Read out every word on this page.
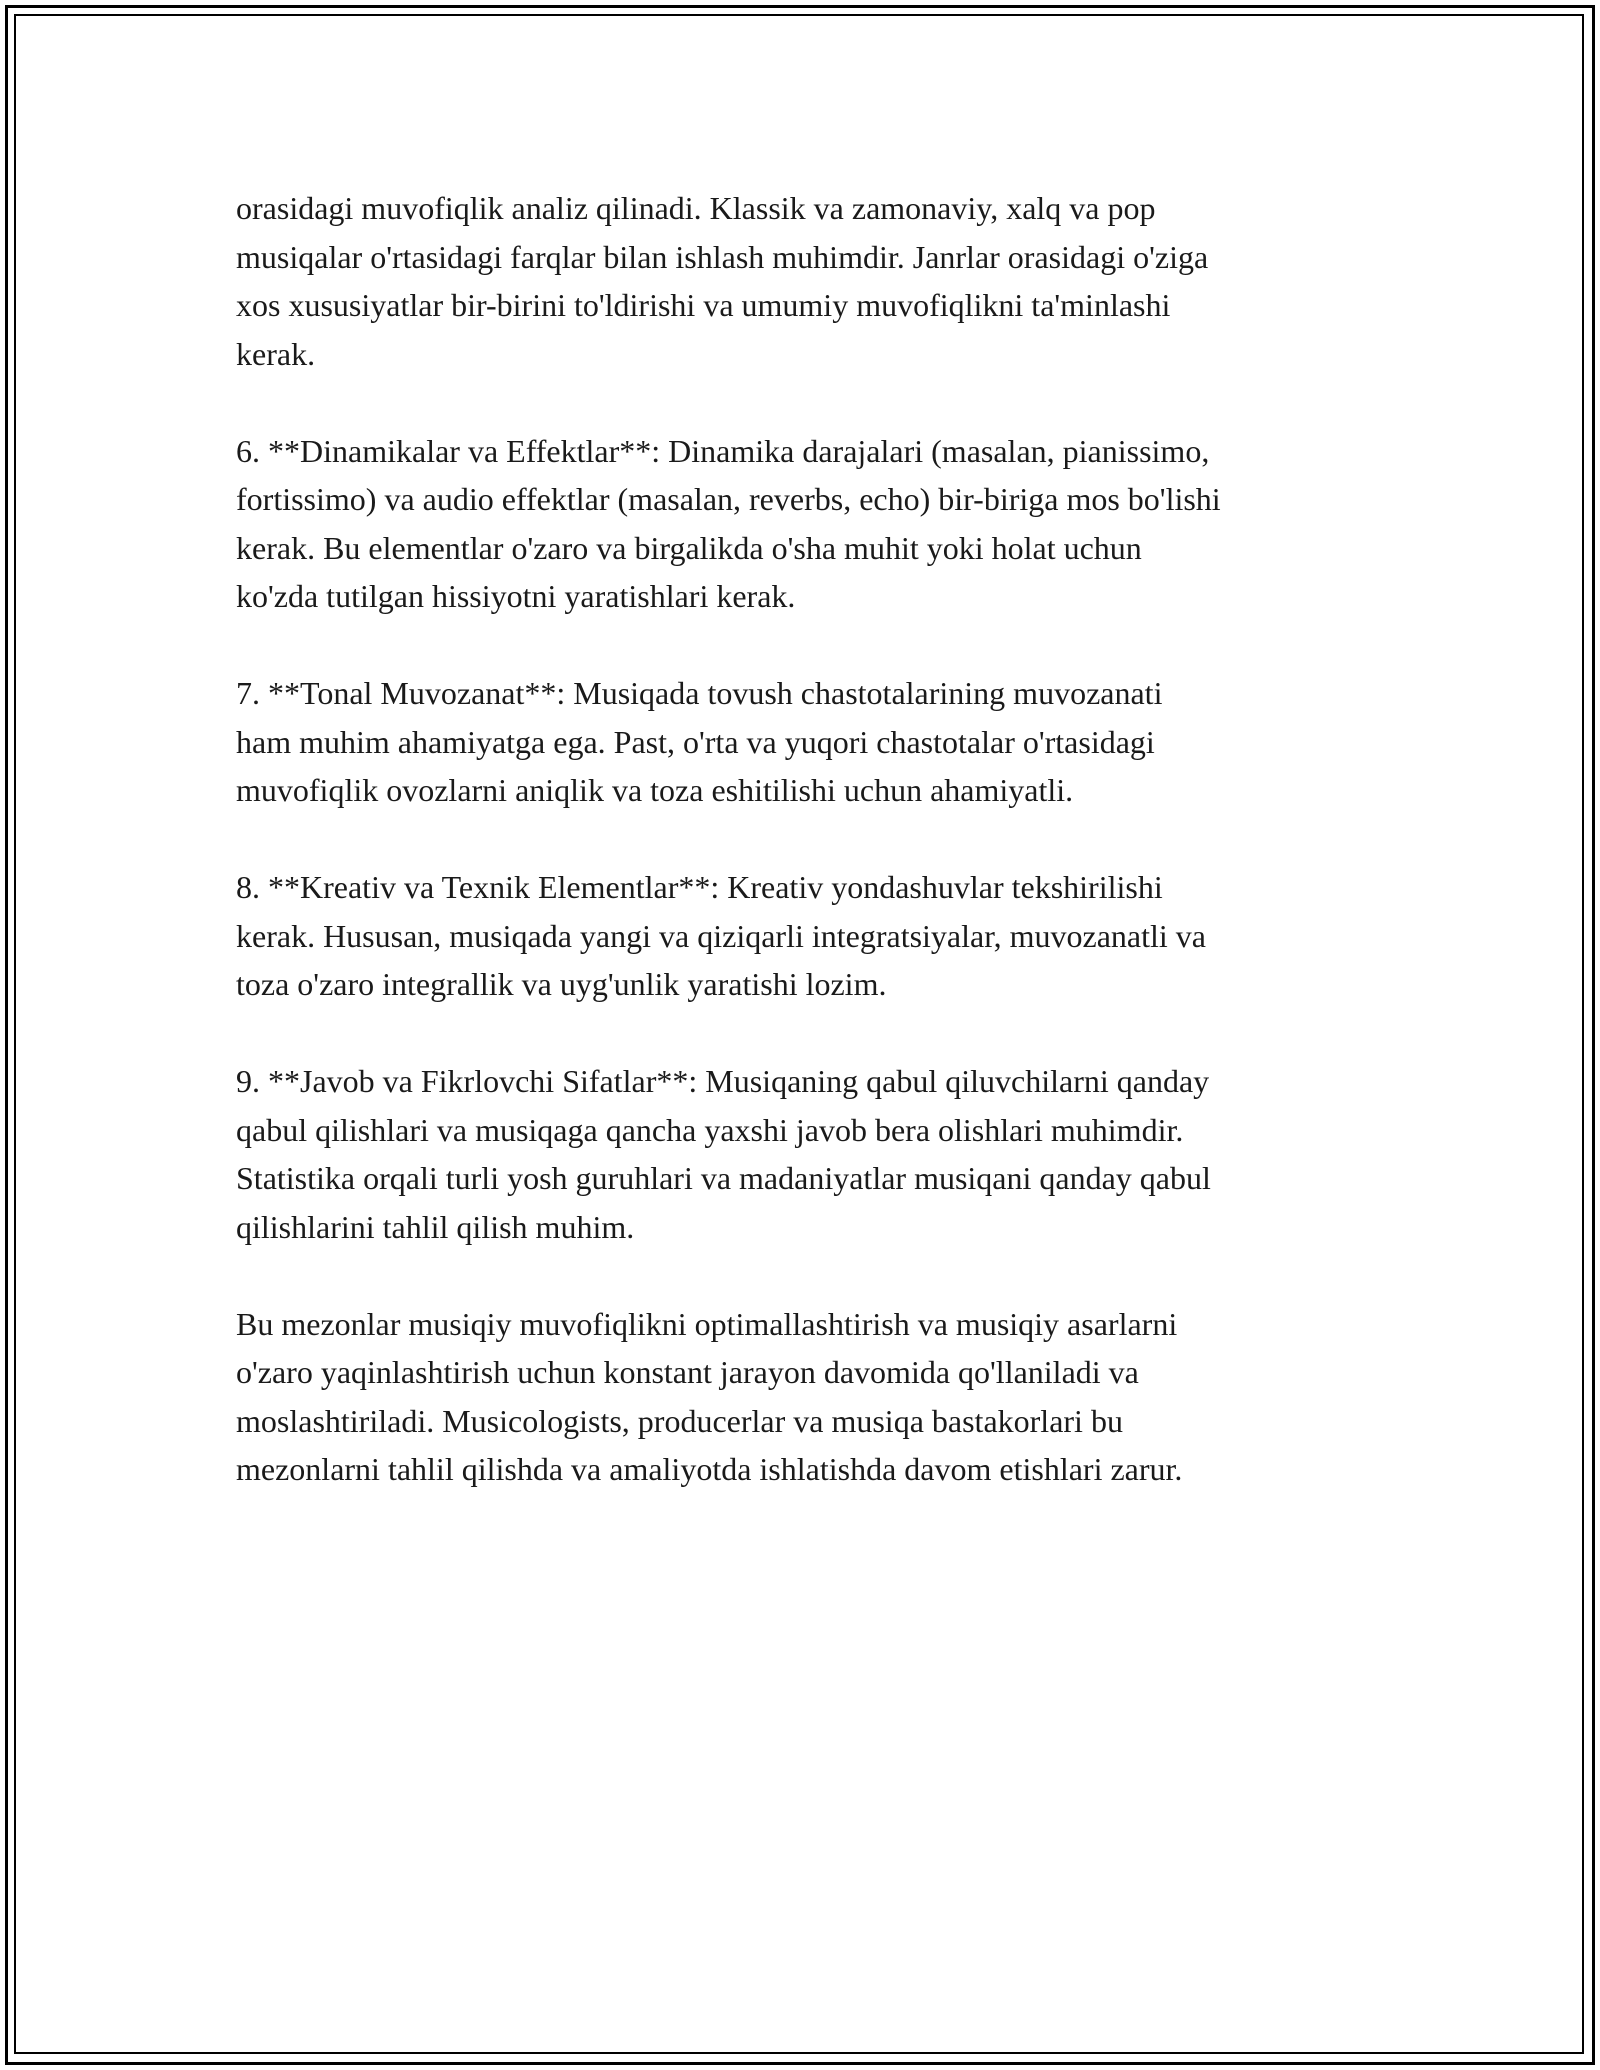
orasidagi muvofiqlik analiz qilinadi. Klassik va zamonaviy, xalq va pop
musiqalar o'rtasidagi farqlar bilan ishlash muhimdir. Janrlar orasidagi o'ziga
xos xususiyatlar bir-birini to'ldirishi va umumiy muvofiqlikni ta'minlashi
kerak.

6. **Dinamikalar va Effektlar**: Dinamika darajalari (masalan, pianissimo,
fortissimo) va audio effektlar (masalan, reverbs, echo) bir-biriga mos bo'lishi
kerak. Bu elementlar o'zaro va birgalikda o'sha muhit yoki holat uchun
ko'zda tutilgan hissiyotni yaratishlari kerak.

7. **Tonal Muvozanat**: Musiqada tovush chastotalarining muvozanati
ham muhim ahamiyatga ega. Past, o'rta va yuqori chastotalar o'rtasidagi
muvofiqlik ovozlarni aniqlik va toza eshitilishi uchun ahamiyatli.

8. **Kreativ va Texnik Elementlar**: Kreativ yondashuvlar tekshirilishi
kerak. Hususan, musiqada yangi va qiziqarli integratsiyalar, muvozanatli va
toza o'zaro integrallik va uyg'unlik yaratishi lozim.

9. **Javob va Fikrlovchi Sifatlar**: Musiqaning qabul qiluvchilarni qanday
qabul qilishlari va musiqaga qancha yaxshi javob bera olishlari muhimdir.
Statistika orqali turli yosh guruhlari va madaniyatlar musiqani qanday qabul
qilishlarini tahlil qilish muhim.

Bu mezonlar musiqiy muvofiqlikni optimallashtirish va musiqiy asarlarni
o'zaro yaqinlashtirish uchun konstant jarayon davomida qo'llaniladi va
moslashtiriladi. Musicologists, producerlar va musiqa bastakorlari bu
mezonlarni tahlil qilishda va amaliyotda ishlatishda davom etishlari zarur.
